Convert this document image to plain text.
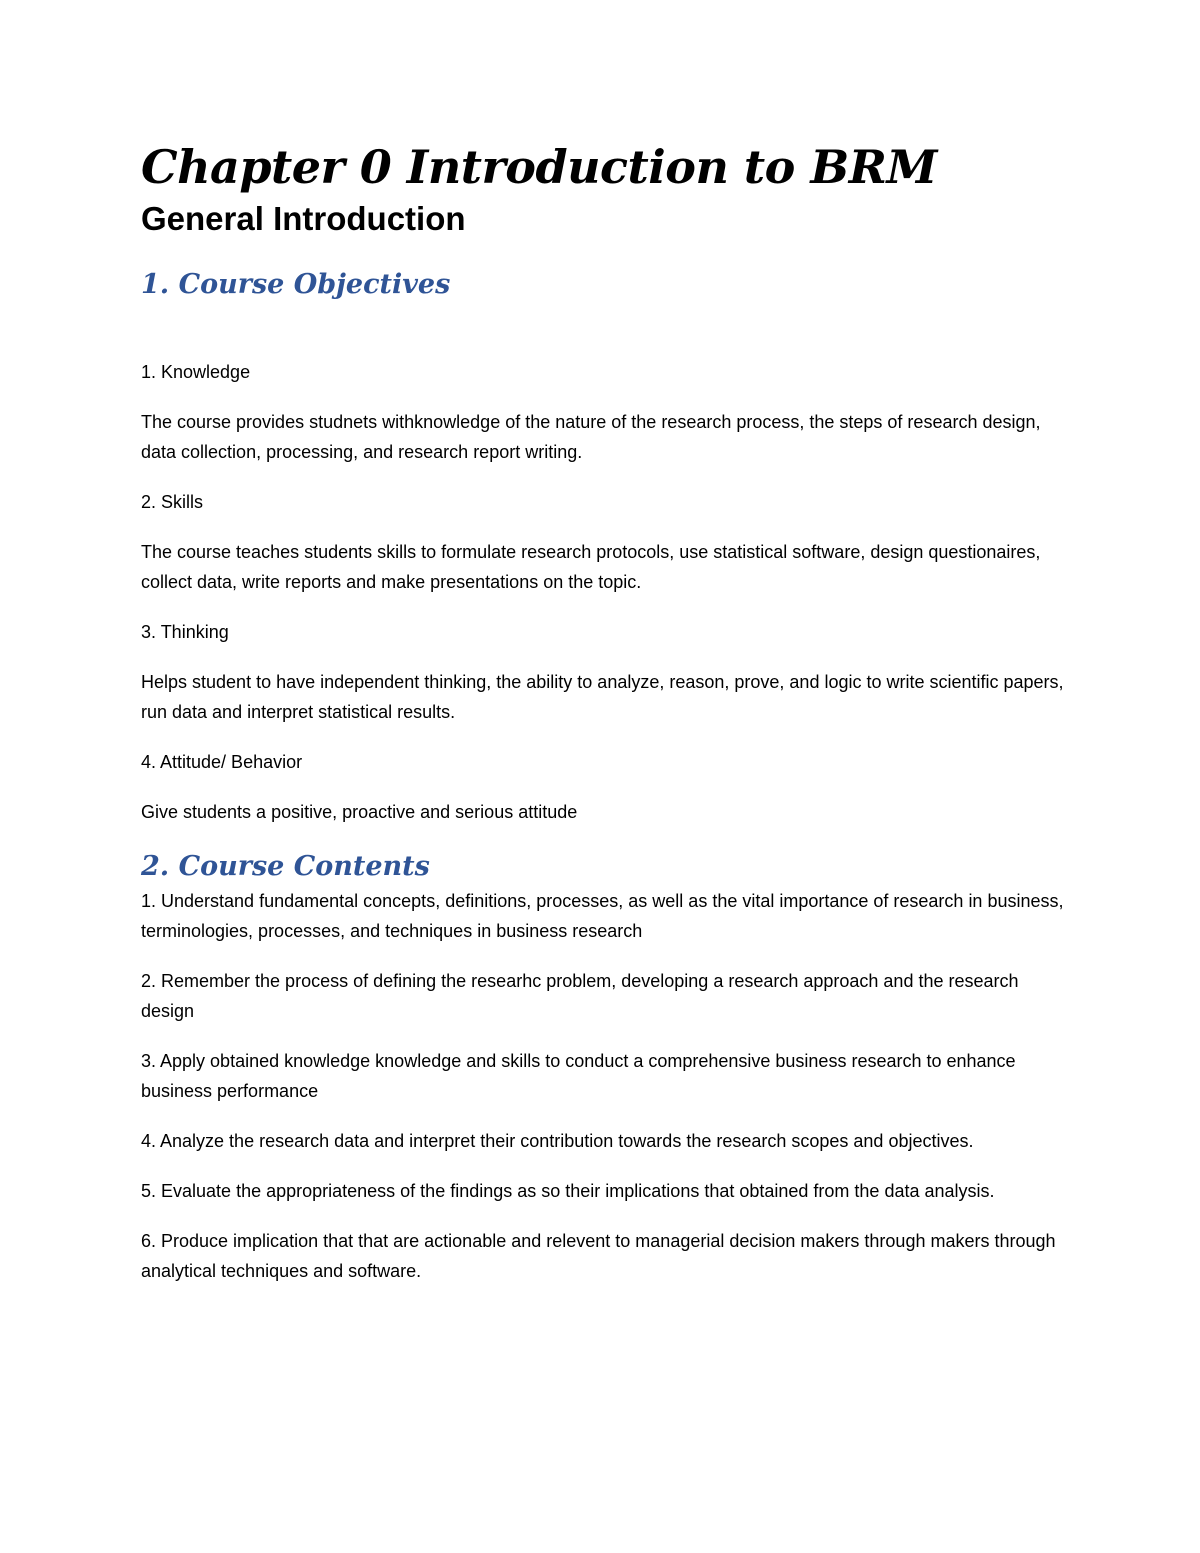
Chapter 0 Introduction to BRM
General Introduction
1. Course Objectives

1. Knowledge

The course provides studnets withknowledge of the nature of the research process, the steps of research design, data collection, processing, and research report writing.

2. Skills

The course teaches students skills to formulate research protocols, use statistical software, design questionaires, collect data, write reports and make presentations on the topic.

3. Thinking

Helps student to have independent thinking, the ability to analyze, reason, prove, and logic to write scientific papers, run data and interpret statistical results.

4. Attitude/ Behavior

Give students a positive, proactive and serious attitude

2. Course Contents

1. Understand fundamental concepts, definitions, processes, as well as the vital importance of research in business, terminologies, processes, and techniques in business research

2. Remember the process of defining the researhc problem, developing a research approach and the research design

3. Apply obtained knowledge knowledge and skills to conduct a comprehensive business research to enhance business performance

4. Analyze the research data and interpret their contribution towards the research scopes and objectives.

5. Evaluate the appropriateness of the findings as so their implications that obtained from the data analysis.

6. Produce implication that that are actionable and relevent to managerial decision makers through makers through analytical techniques and software.
